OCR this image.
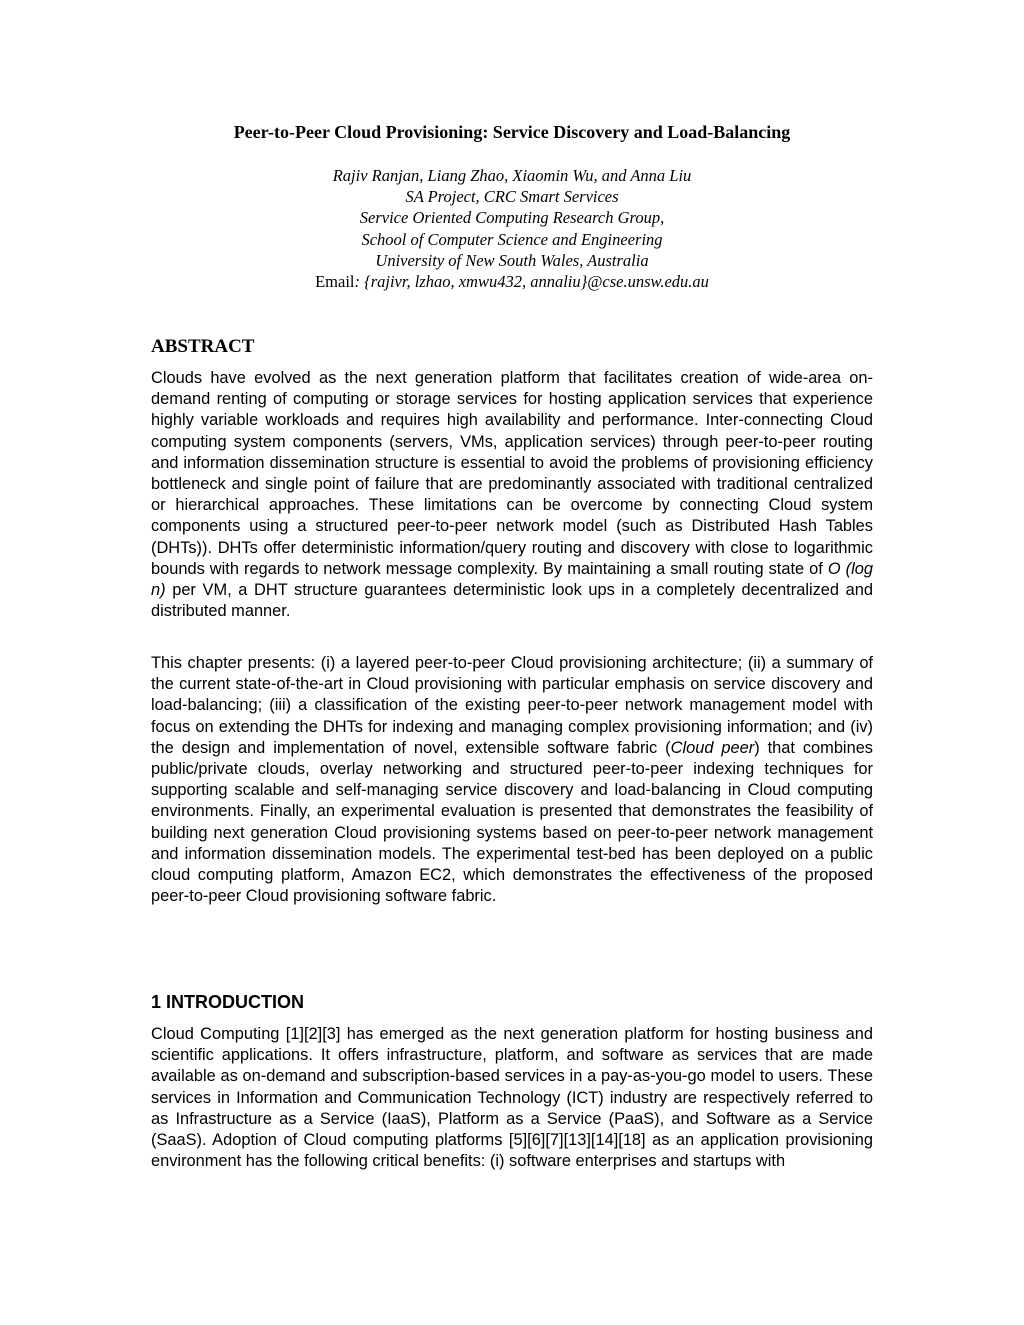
Peer-to-Peer Cloud Provisioning: Service Discovery and Load-Balancing
Rajiv Ranjan, Liang Zhao, Xiaomin Wu, and Anna Liu
SA Project, CRC Smart Services
Service Oriented Computing Research Group,
School of Computer Science and Engineering
University of New South Wales, Australia
Email: {rajivr, lzhao, xmwu432, annaliu}@cse.unsw.edu.au
ABSTRACT

Clouds have evolved as the next generation platform that facilitates creation of wide-area on-demand renting of computing or storage services for hosting application services that experience highly variable workloads and requires high availability and performance. Inter-connecting Cloud computing system components (servers, VMs, application services) through peer-to-peer routing and information dissemination structure is essential to avoid the problems of provisioning efficiency bottleneck and single point of failure that are predominantly associated with traditional centralized or hierarchical approaches. These limitations can be overcome by connecting Cloud system components using a structured peer-to-peer network model (such as Distributed Hash Tables (DHTs)). DHTs offer deterministic information/query routing and discovery with close to logarithmic bounds with regards to network message complexity. By maintaining a small routing state of O (log n) per VM, a DHT structure guarantees deterministic look ups in a completely decentralized and distributed manner.

This chapter presents: (i) a layered peer-to-peer Cloud provisioning architecture; (ii) a summary of the current state-of-the-art in Cloud provisioning with particular emphasis on service discovery and load-balancing; (iii) a classification of the existing peer-to-peer network management model with focus on extending the DHTs for indexing and managing complex provisioning information; and (iv) the design and implementation of novel, extensible software fabric (Cloud peer) that combines public/private clouds, overlay networking and structured peer-to-peer indexing techniques for supporting scalable and self-managing service discovery and load-balancing in Cloud computing environments. Finally, an experimental evaluation is presented that demonstrates the feasibility of building next generation Cloud provisioning systems based on peer-to-peer network management and information dissemination models. The experimental test-bed has been deployed on a public cloud computing platform, Amazon EC2, which demonstrates the effectiveness of the proposed peer-to-peer Cloud provisioning software fabric.

1 INTRODUCTION

Cloud Computing [1][2][3] has emerged as the next generation platform for hosting business and scientific applications. It offers infrastructure, platform, and software as services that are made available as on-demand and subscription-based services in a pay-as-you-go model to users. These services in Information and Communication Technology (ICT) industry are respectively referred to as Infrastructure as a Service (IaaS), Platform as a Service (PaaS), and Software as a Service (SaaS). Adoption of Cloud computing platforms [5][6][7][13][14][18] as an application provisioning environment has the following critical benefits: (i) software enterprises and startups with
